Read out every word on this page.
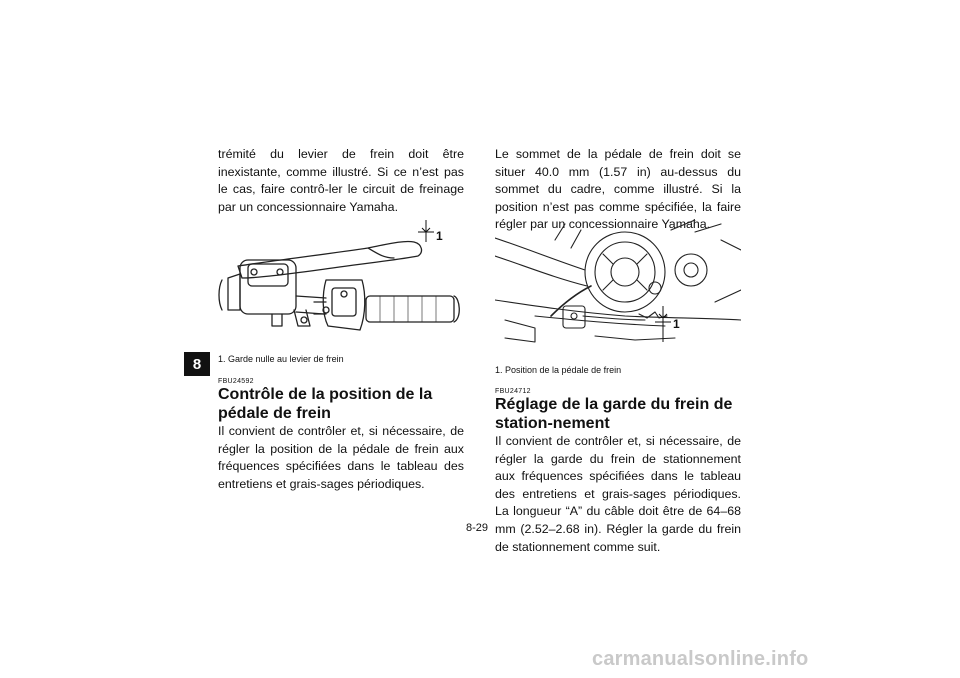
8

trémité du levier de frein doit être inexistante, comme illustré. Si ce n’est pas le cas, faire contrô-ler le circuit de freinage par un concessionnaire Yamaha.

1

1. Garde nulle au levier de frein

FBU24592

Contrôle de la position de la pédale de frein

Il convient de contrôler et, si nécessaire, de régler la position de la pédale de frein aux fréquences spécifiées dans le tableau des entretiens et grais-sages périodiques.

Le sommet de la pédale de frein doit se situer 40.0 mm (1.57 in) au-dessus du sommet du cadre, comme illustré. Si la position n’est pas comme spécifiée, la faire régler par un concessionnaire Yamaha.

1

1. Position de la pédale de frein

FBU24712

Réglage de la garde du frein de station-nement

Il convient de contrôler et, si nécessaire, de régler la garde du frein de stationnement aux fréquences spécifiées dans le tableau des entretiens et grais-sages périodiques. La longueur “A” du câble doit être de 64–68 mm (2.52–2.68 in). Régler la garde du frein de stationnement comme suit.

8-29
carmanualsonline.info
